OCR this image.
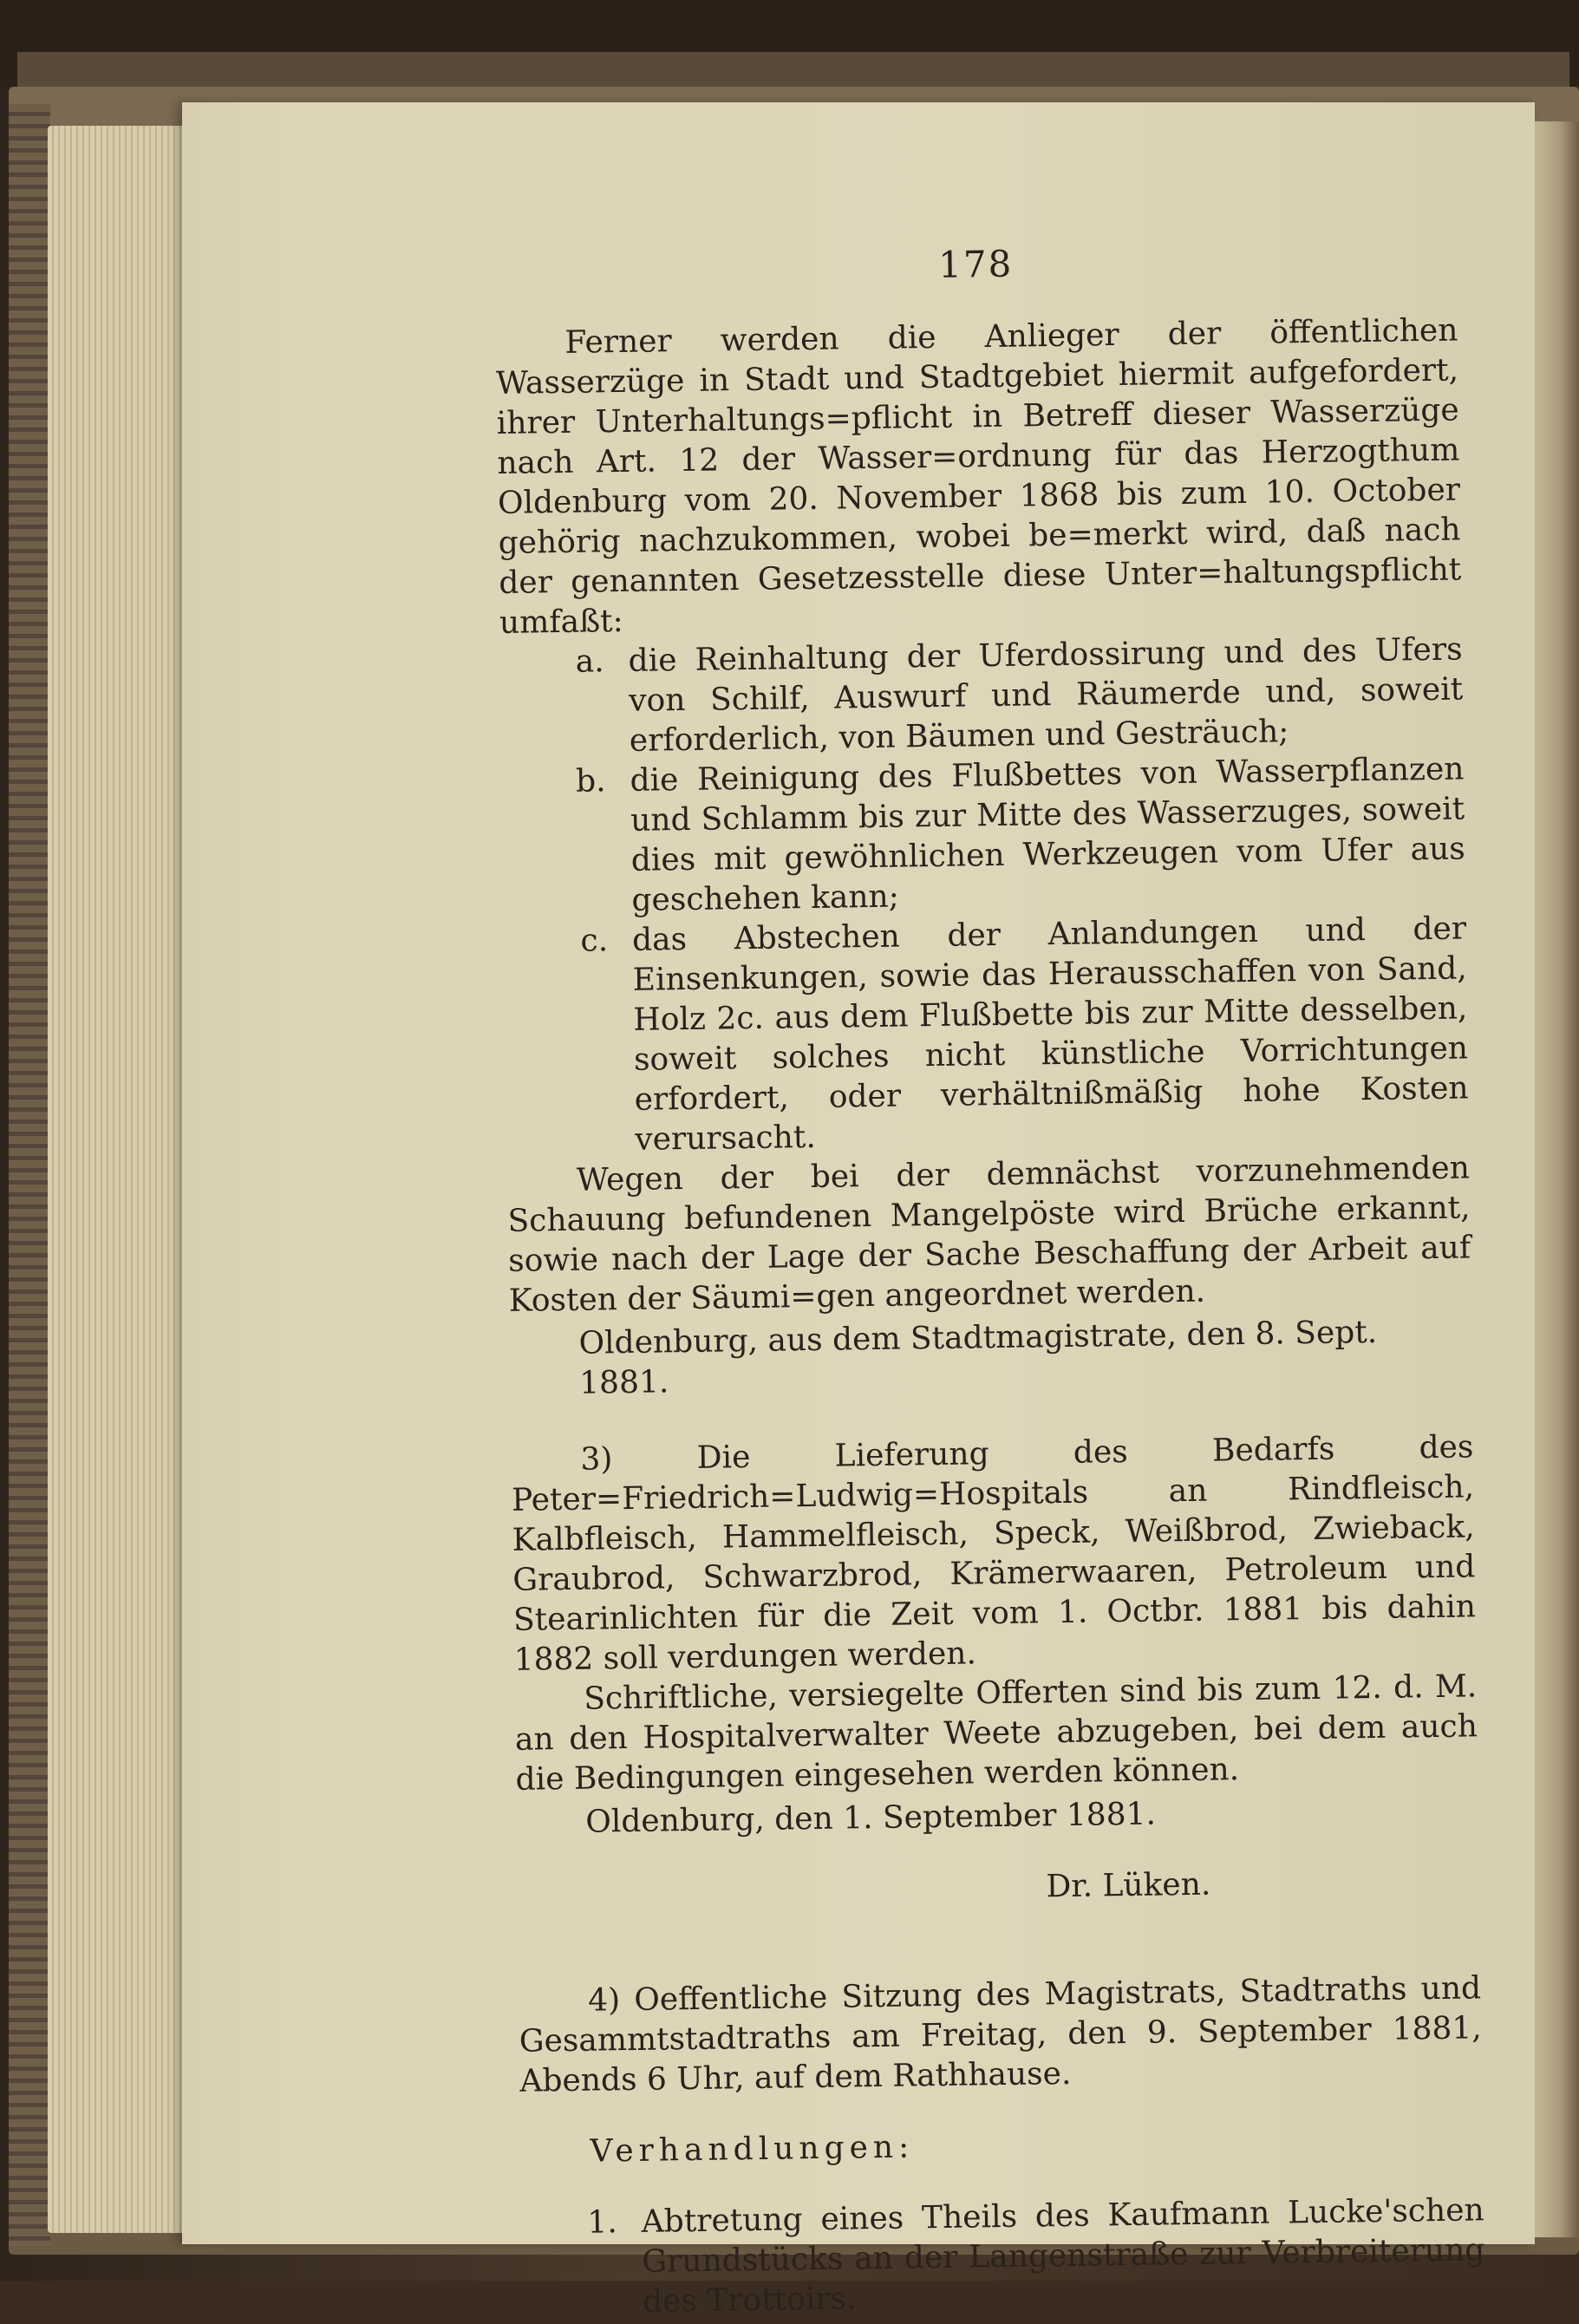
178

Ferner werden die Anlieger der öffentlichen Wasserzüge in Stadt und Stadtgebiet hiermit aufgefordert, ihrer Unterhaltungs=pflicht in Betreff dieser Wasserzüge nach Art. 12 der Wasser=ordnung für das Herzogthum Oldenburg vom 20. November 1868 bis zum 10. October gehörig nachzukommen, wobei be=merkt wird, daß nach der genannten Gesetzesstelle diese Unter=haltungspflicht umfaßt:

a. die Reinhaltung der Uferdossirung und des Ufers von Schilf, Auswurf und Räumerde und, soweit erforderlich, von Bäumen und Gesträuch;
b. die Reinigung des Flußbettes von Wasserpflanzen und Schlamm bis zur Mitte des Wasserzuges, soweit dies mit gewöhnlichen Werkzeugen vom Ufer aus geschehen kann;
c. das Abstechen der Anlandungen und der Einsenkungen, sowie das Herausschaffen von Sand, Holz 2c. aus dem Flußbette bis zur Mitte desselben, soweit solches nicht künstliche Vorrichtungen erfordert, oder verhältnißmäßig hohe Kosten verursacht.

Wegen der bei der demnächst vorzunehmenden Schauung befundenen Mangelpöste wird Brüche erkannt, sowie nach der Lage der Sache Beschaffung der Arbeit auf Kosten der Säumi=gen angeordnet werden.

Oldenburg, aus dem Stadtmagistrate, den 8. Sept. 1881.

3) Die Lieferung des Bedarfs des Peter=Friedrich=Ludwig=Hospitals an Rindfleisch, Kalbfleisch, Hammelfleisch, Speck, Weißbrod, Zwieback, Graubrod, Schwarzbrod, Krämerwaaren, Petroleum und Stearinlichten für die Zeit vom 1. Octbr. 1881 bis dahin 1882 soll verdungen werden.

Schriftliche, versiegelte Offerten sind bis zum 12. d. M. an den Hospitalverwalter Weete abzugeben, bei dem auch die Bedingungen eingesehen werden können.

Oldenburg, den 1. September 1881.

Dr. Lüken.

4) Oeffentliche Sitzung des Magistrats, Stadtraths und Gesammtstadtraths am Freitag, den 9. September 1881, Abends 6 Uhr, auf dem Rathhause.

Verhandlungen:

1. Abtretung eines Theils des Kaufmann Lucke'schen Grundstücks an der Langenstraße zur Verbreiterung des Trottoirs.
